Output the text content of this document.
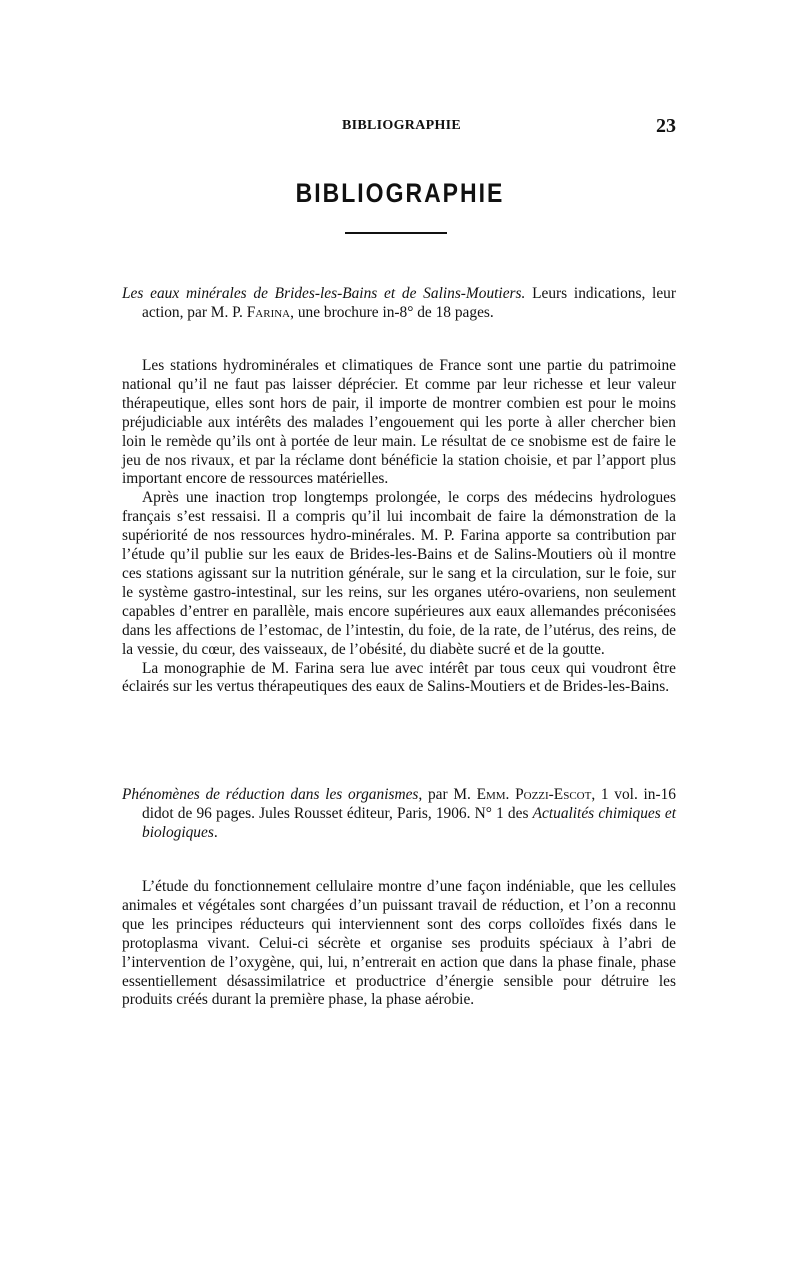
BIBLIOGRAPHIE	23
BIBLIOGRAPHIE

Les eaux minérales de Brides-les-Bains et de Salins-Moutiers. Leurs indications, leur action, par M. P. Farina, une brochure in-8° de 18 pages.

Les stations hydrominérales et climatiques de France sont une partie du patrimoine national qu’il ne faut pas laisser déprécier. Et comme par leur richesse et leur valeur thérapeutique, elles sont hors de pair, il importe de montrer combien est pour le moins préjudiciable aux intérêts des malades l’engouement qui les porte à aller chercher bien loin le remède qu’ils ont à portée de leur main. Le résultat de ce snobisme est de faire le jeu de nos rivaux, et par la réclame dont bénéficie la station choisie, et par l’apport plus important encore de ressources matérielles.

Après une inaction trop longtemps prolongée, le corps des médecins hydrologues français s’est ressaisi. Il a compris qu’il lui incombait de faire la démonstration de la supériorité de nos ressources hydro-minérales. M. P. Farina apporte sa contribution par l’étude qu’il publie sur les eaux de Brides-les-Bains et de Salins-Moutiers où il montre ces stations agissant sur la nutrition générale, sur le sang et la circulation, sur le foie, sur le système gastro-intestinal, sur les reins, sur les organes utéro-ovariens, non seulement capables d’entrer en parallèle, mais encore supérieures aux eaux allemandes préconisées dans les affections de l’estomac, de l’intestin, du foie, de la rate, de l’utérus, des reins, de la vessie, du cœur, des vaisseaux, de l’obésité, du diabète sucré et de la goutte.

La monographie de M. Farina sera lue avec intérêt par tous ceux qui voudront être éclairés sur les vertus thérapeutiques des eaux de Salins-Moutiers et de Brides-les-Bains.

Phénomènes de réduction dans les organismes, par M. Emm. Pozzi-Escot, 1 vol. in-16 didot de 96 pages. Jules Rousset éditeur, Paris, 1906. N° 1 des Actualités chimiques et biologiques.

L’étude du fonctionnement cellulaire montre d’une façon indéniable, que les cellules animales et végétales sont chargées d’un puissant travail de réduction, et l’on a reconnu que les principes réducteurs qui interviennent sont des corps colloïdes fixés dans le protoplasma vivant. Celui-ci sécrète et organise ses produits spéciaux à l’abri de l’intervention de l’oxygène, qui, lui, n’entrerait en action que dans la phase finale, phase essentiellement désassimilatrice et productrice d’énergie sensible pour détruire les produits créés durant la première phase, la phase aérobie.
